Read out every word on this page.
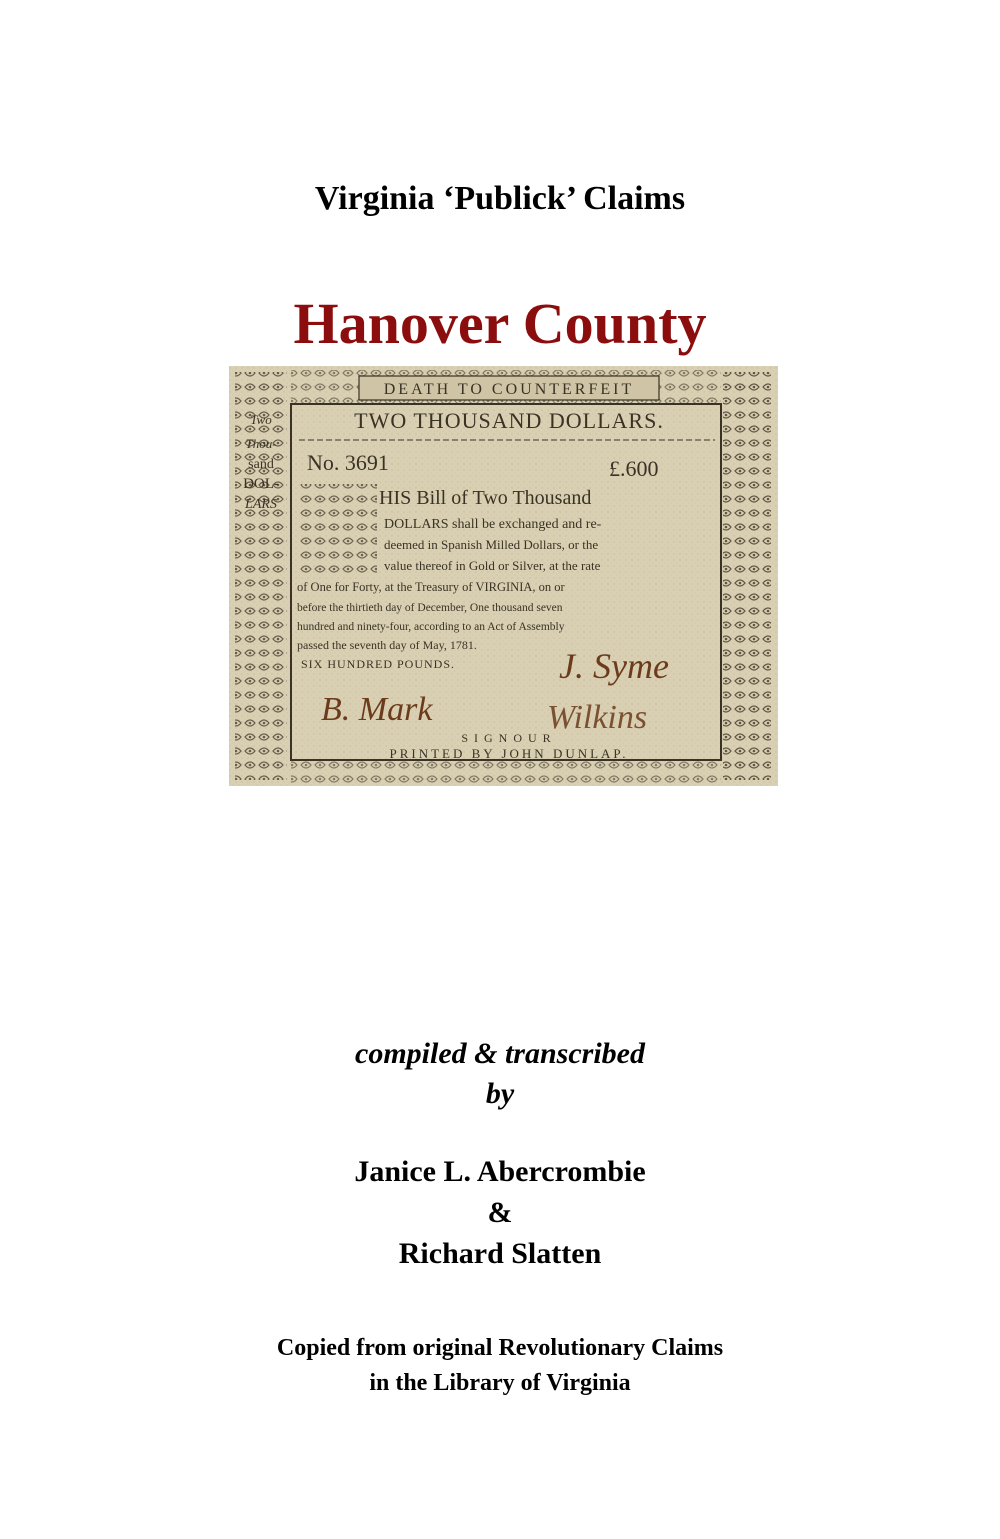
Virginia ‘Publick’ Claims
Hanover County
DEATH TO COUNTERFEIT
Two
Thou-
sand
DOL-
LARS
TWO THOUSAND DOLLARS.
No. 3691	£.600
HIS Bill of Two Thousand
DOLLARS shall be exchanged and re-
deemed in Spanish Milled Dollars, or the
value thereof in Gold or Silver, at the rate
of One for Forty, at the Treasury of VIRGINIA, on or
before the thirtieth day of December, One thousand seven
hundred and ninety-four, according to an Act of Assembly
passed the seventh day of May, 1781.
SIX HUNDRED POUNDS.	J. Syme
B. Mark	Wilkins
SIGNOUR
PRINTED BY JOHN DUNLAP.
compiled & transcribed
by
Janice L. Abercrombie
&
Richard Slatten
Copied from original Revolutionary Claims
in the Library of Virginia
